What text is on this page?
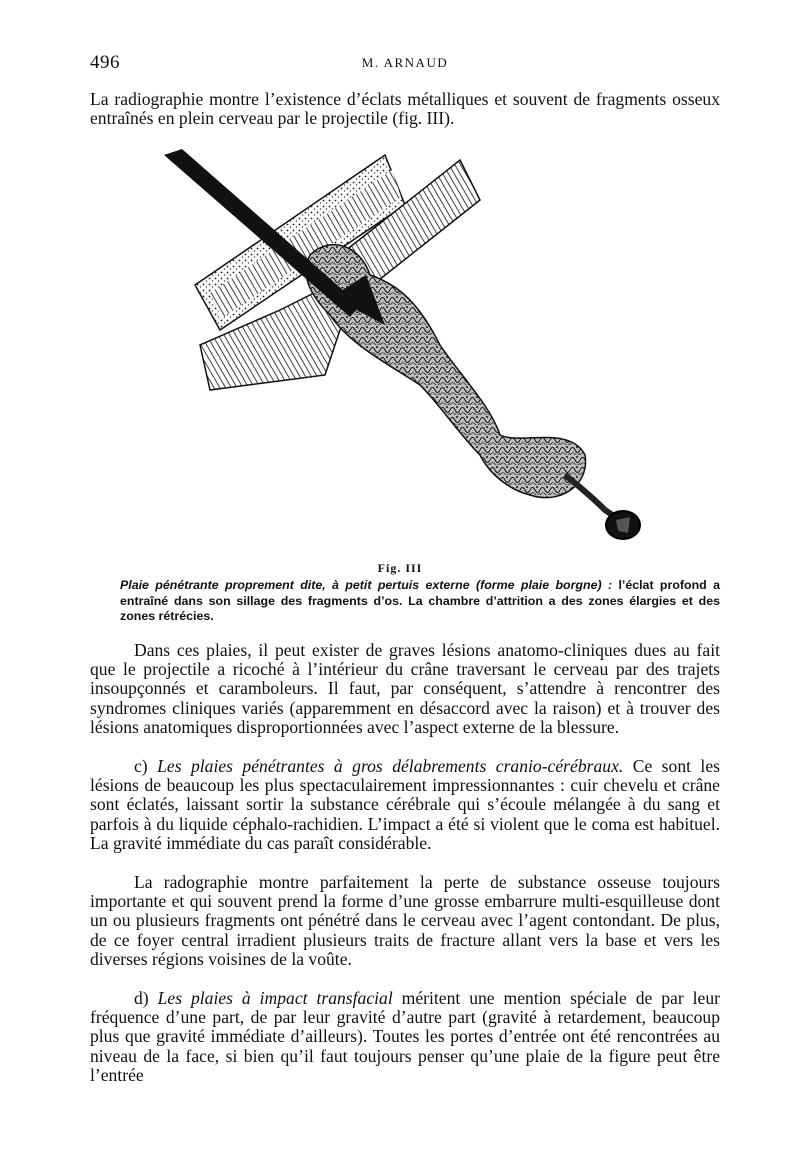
496	M. ARNAUD

La radiographie montre l’existence d’éclats métalliques et souvent de fragments osseux entraînés en plein cerveau par le projectile (fig. III).

Fig. III

Plaie pénétrante proprement dite, à petit pertuis externe (forme plaie borgne) : l’éclat profond a entraîné dans son sillage des fragments d’os. La chambre d’attrition a des zones élargies et des zones rétrécies.

Dans ces plaies, il peut exister de graves lésions anatomo-cliniques dues au fait que le projectile a ricoché à l’intérieur du crâne traversant le cerveau par des trajets insoupçonnés et caramboleurs. Il faut, par conséquent, s’attendre à rencontrer des syndromes cliniques variés (apparemment en désaccord avec la raison) et à trouver des lésions anatomiques disproportionnées avec l’aspect externe de la blessure.

c) Les plaies pénétrantes à gros délabrements cranio-cérébraux. Ce sont les lésions de beaucoup les plus spectaculairement impressionnantes : cuir chevelu et crâne sont éclatés, laissant sortir la substance cérébrale qui s’écoule mélangée à du sang et parfois à du liquide céphalo-rachidien. L’impact a été si violent que le coma est habituel. La gravité immédiate du cas paraît considérable.

La radographie montre parfaitement la perte de substance osseuse toujours importante et qui souvent prend la forme d’une grosse embarrure multi-esquilleuse dont un ou plusieurs fragments ont pénétré dans le cerveau avec l’agent contondant. De plus, de ce foyer central irradient plusieurs traits de fracture allant vers la base et vers les diverses régions voisines de la voûte.

d) Les plaies à impact transfacial méritent une mention spéciale de par leur fréquence d’une part, de par leur gravité d’autre part (gravité à retardement, beaucoup plus que gravité immédiate d’ailleurs). Toutes les portes d’entrée ont été rencontrées au niveau de la face, si bien qu’il faut toujours penser qu’une plaie de la figure peut être l’entrée
